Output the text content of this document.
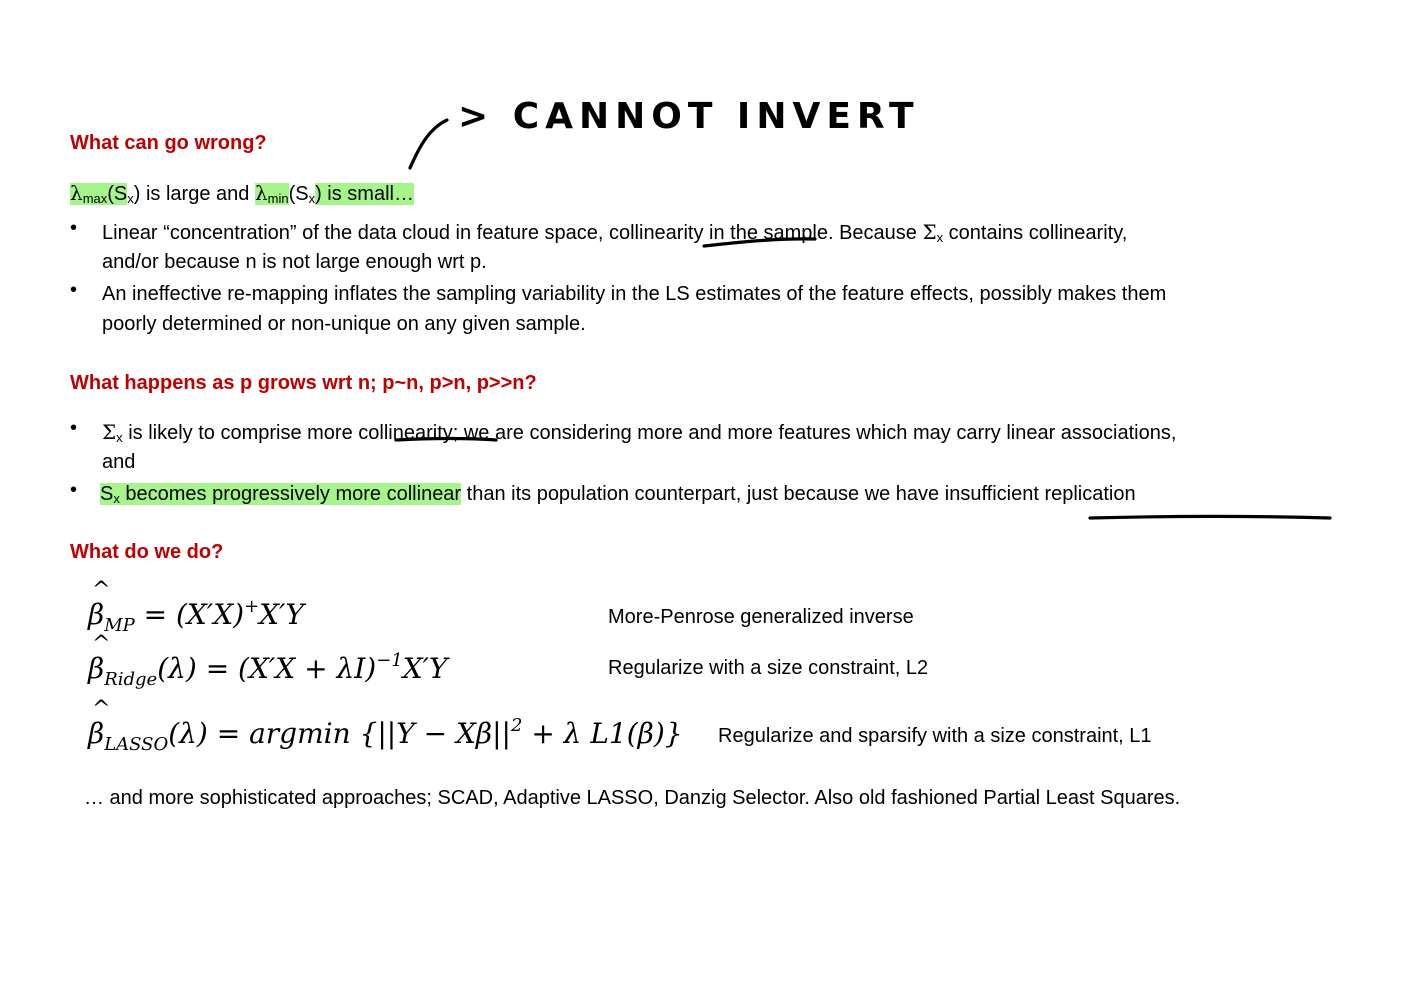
> CANNOT INVERT
What can go wrong?
$\lambda_{max}(S_x)$ is large and $\lambda_{min}(S_x)$ is small…
• Linear “concentration” of the data cloud in feature space, collinearity in the sample. Because $\Sigma_x$ contains collinearity,
and/or because n is not large enough wrt p.
• An ineffective re-mapping inflates the sampling variability in the LS estimates of the feature effects, possibly makes them
poorly determined or non-unique on any given sample.
What happens as p grows wrt n; p~n, p>n, p>>n?
• $\Sigma_x$ is likely to comprise more collinearity; we are considering more and more features which may carry linear associations,
and
• $S_x$ becomes progressively more collinear than its population counterpart, just because we have insufficient replication
What do we do?
^ $\beta_{MP} = (X'X)^+X'Y$	More-Penrose generalized inverse
^ $\beta_{Ridge}(\lambda) = (X'X + \lambda I)^{-1}X'Y$	Regularize with a size constraint, L2
^ $\beta_{LASSO}(\lambda) = argmin$ {$||Y - X\beta||^2 + \lambda$ L1(β)} Regularize and sparsify with a size constraint, L1
… and more sophisticated approaches; SCAD, Adaptive LASSO, Danzig Selector. Also old fashioned Partial Least Squares.
